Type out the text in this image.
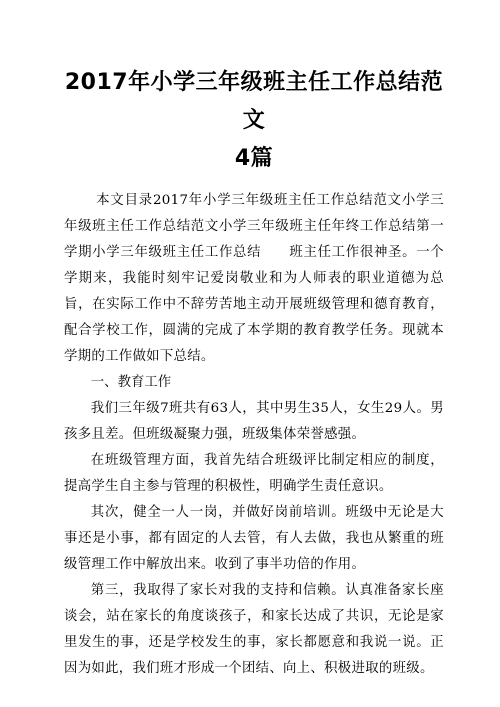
2017年小学三年级班主任工作总结范文
4篇

本文目录2017年小学三年级班主任工作总结范文小学三年级班主任工作总结范文小学三年级班主任年终工作总结第一学期小学三年级班主任工作总结　　班主任工作很神圣。一个学期来，我能时刻牢记爱岗敬业和为人师表的职业道德为总旨，在实际工作中不辞劳苦地主动开展班级管理和德育教育，配合学校工作，圆满的完成了本学期的教育教学任务。现就本学期的工作做如下总结。

一、教育工作

我们三年级7班共有63人，其中男生35人，女生29人。男孩多且差。但班级凝聚力强，班级集体荣誉感强。

在班级管理方面，我首先结合班级评比制定相应的制度，提高学生自主参与管理的积极性，明确学生责任意识。

其次，健全一人一岗，并做好岗前培训。班级中无论是大事还是小事，都有固定的人去管，有人去做，我也从繁重的班级管理工作中解放出来。收到了事半功倍的作用。

第三，我取得了家长对我的支持和信赖。认真准备家长座谈会，站在家长的角度谈孩子，和家长达成了共识，无论是家里发生的事，还是学校发生的事，家长都愿意和我说一说。正因为如此，我们班才形成一个团结、向上、积极进取的班级。
